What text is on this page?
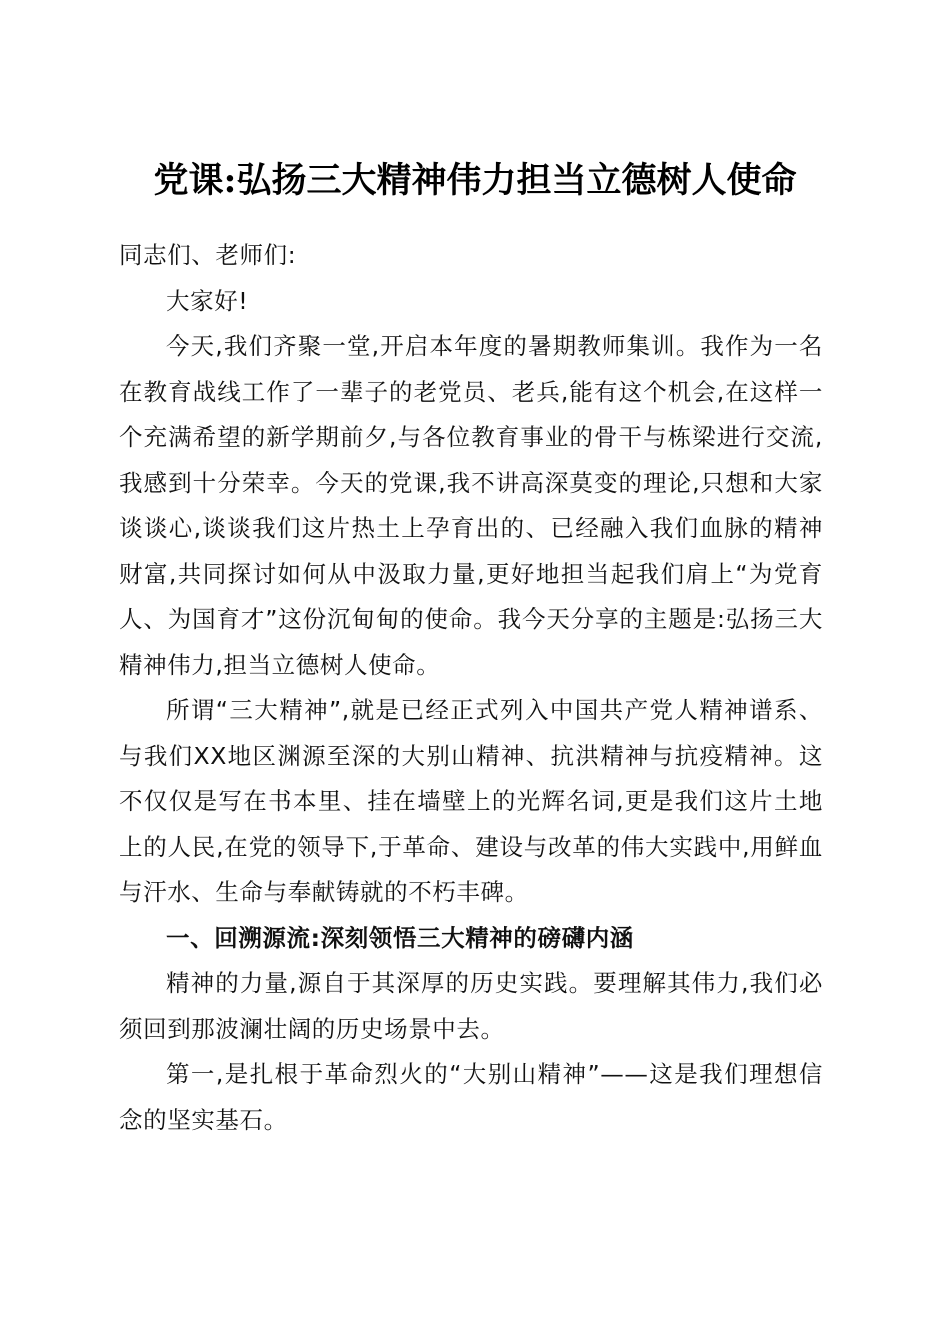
党课:弘扬三大精神伟力担当立德树人使命

同志们、老师们:

大家好!

今天,我们齐聚一堂,开启本年度的暑期教师集训。我作为一名在教育战线工作了一辈子的老党员、老兵,能有这个机会,在这样一个充满希望的新学期前夕,与各位教育事业的骨干与栋梁进行交流,我感到十分荣幸。今天的党课,我不讲高深莫变的理论,只想和大家谈谈心,谈谈我们这片热土上孕育出的、已经融入我们血脉的精神财富,共同探讨如何从中汲取力量,更好地担当起我们肩上“为党育人、为国育才”这份沉甸甸的使命。我今天分享的主题是:弘扬三大精神伟力,担当立德树人使命。

所谓“三大精神”,就是已经正式列入中国共产党人精神谱系、与我们XX地区渊源至深的大别山精神、抗洪精神与抗疫精神。这不仅仅是写在书本里、挂在墙壁上的光辉名词,更是我们这片土地上的人民,在党的领导下,于革命、建设与改革的伟大实践中,用鲜血与汗水、生命与奉献铸就的不朽丰碑。

一、回溯源流:深刻领悟三大精神的磅礴内涵

精神的力量,源自于其深厚的历史实践。要理解其伟力,我们必须回到那波澜壮阔的历史场景中去。

第一,是扎根于革命烈火的“大别山精神”——这是我们理想信念的坚实基石。
